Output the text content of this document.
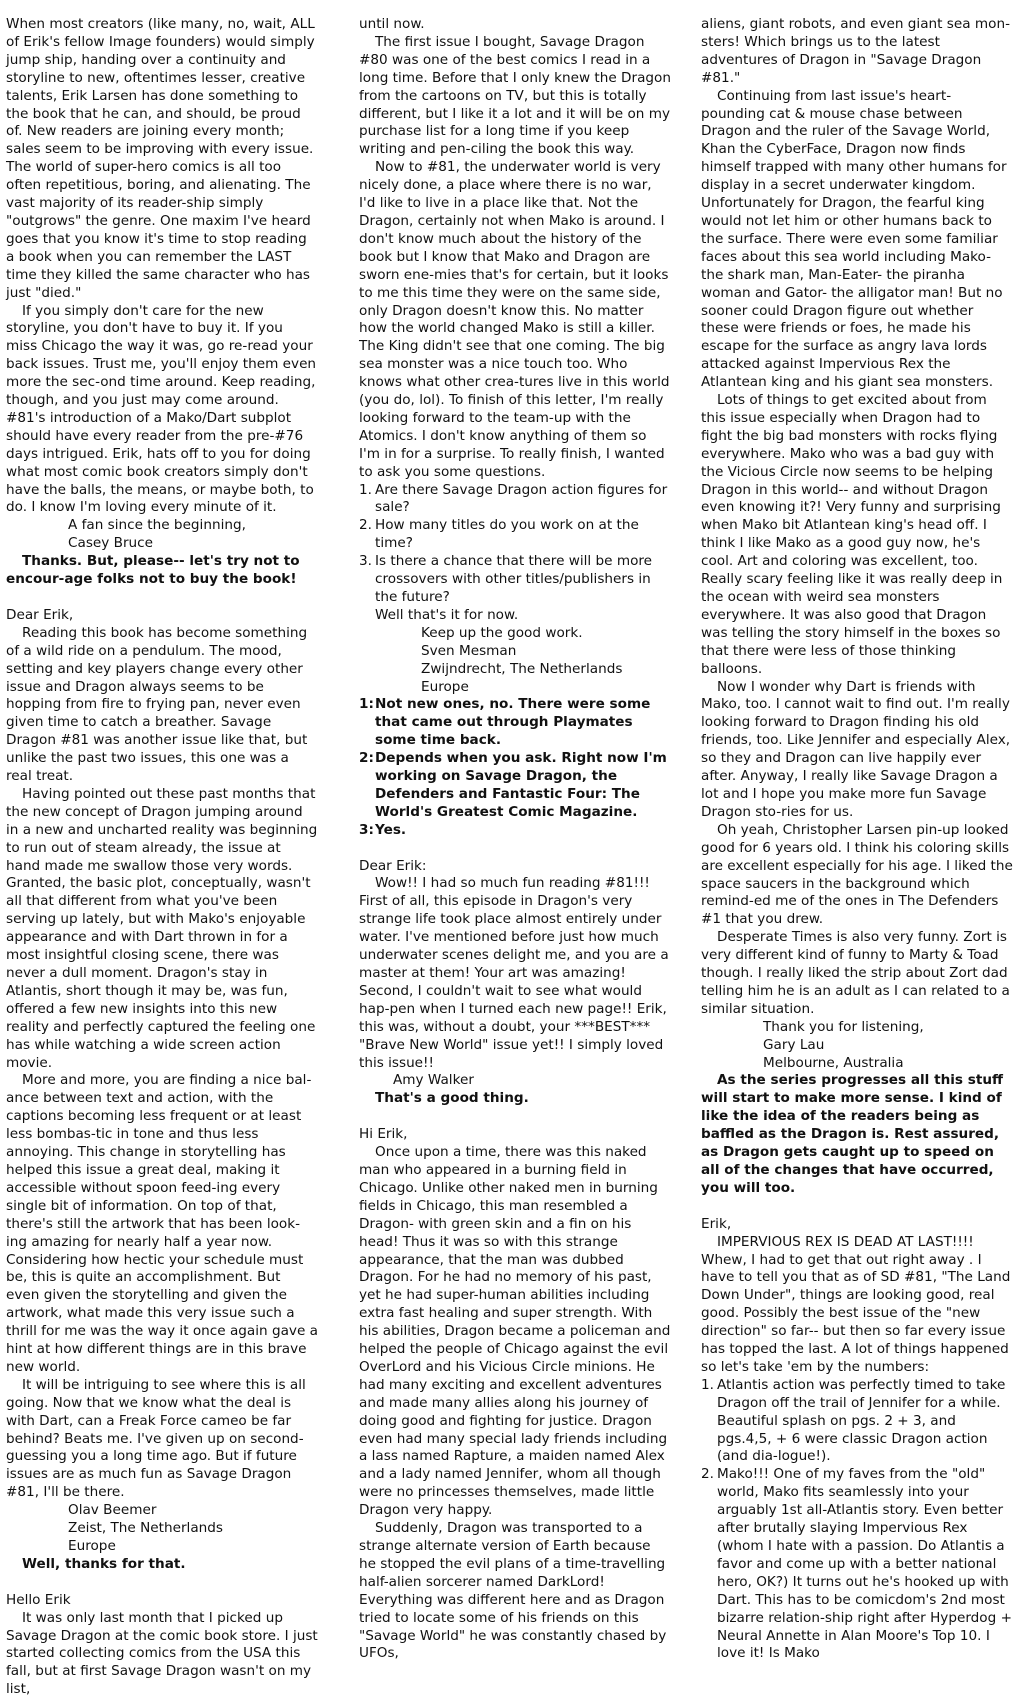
When most creators (like many, no, wait, ALL of Erik's fellow Image founders) would simply jump ship, handing over a continuity and storyline to new, oftentimes lesser, creative talents, Erik Larsen has done something to the book that he can, and should, be proud of. New readers are joining every month; sales seem to be improving with every issue. The world of super-hero comics is all too often repetitious, boring, and alienating. The vast majority of its reader-ship simply "outgrows" the genre. One maxim I've heard goes that you know it's time to stop reading a book when you can remember the LAST time they killed the same character who has just "died."

If you simply don't care for the new storyline, you don't have to buy it. If you miss Chicago the way it was, go re-read your back issues. Trust me, you'll enjoy them even more the sec-ond time around. Keep reading, though, and you just may come around. #81's introduction of a Mako/Dart subplot should have every reader from the pre-#76 days intrigued. Erik, hats off to you for doing what most comic book creators simply don't have the balls, the means, or maybe both, to do. I know I'm loving every minute of it.

A fan since the beginning,

Casey Bruce

Thanks. But, please-- let's try not to encour-age folks not to buy the book!

Dear Erik,

Reading this book has become something of a wild ride on a pendulum. The mood, setting and key players change every other issue and Dragon always seems to be hopping from fire to frying pan, never even given time to catch a breather. Savage Dragon #81 was another issue like that, but unlike the past two issues, this one was a real treat.

Having pointed out these past months that the new concept of Dragon jumping around in a new and uncharted reality was beginning to run out of steam already, the issue at hand made me swallow those very words. Granted, the basic plot, conceptually, wasn't all that different from what you've been serving up lately, but with Mako's enjoyable appearance and with Dart thrown in for a most insightful closing scene, there was never a dull moment. Dragon's stay in Atlantis, short though it may be, was fun, offered a few new insights into this new reality and perfectly captured the feeling one has while watching a wide screen action movie.

More and more, you are finding a nice bal-ance between text and action, with the captions becoming less frequent or at least less bombas-tic in tone and thus less annoying. This change in storytelling has helped this issue a great deal, making it accessible without spoon feed-ing every single bit of information. On top of that, there's still the artwork that has been look-ing amazing for nearly half a year now. Considering how hectic your schedule must be, this is quite an accomplishment. But even given the storytelling and given the artwork, what made this very issue such a thrill for me was the way it once again gave a hint at how different things are in this brave new world.

It will be intriguing to see where this is all going. Now that we know what the deal is with Dart, can a Freak Force cameo be far behind? Beats me. I've given up on second-guessing you a long time ago. But if future issues are as much fun as Savage Dragon #81, I'll be there.

Olav Beemer

Zeist, The Netherlands

Europe

Well, thanks for that.

Hello Erik

It was only last month that I picked up Savage Dragon at the comic book store. I just started collecting comics from the USA this fall, but at first Savage Dragon wasn't on my list,

until now.

The first issue I bought, Savage Dragon #80 was one of the best comics I read in a long time. Before that I only knew the Dragon from the cartoons on TV, but this is totally different, but I like it a lot and it will be on my purchase list for a long time if you keep writing and pen-ciling the book this way.

Now to #81, the underwater world is very nicely done, a place where there is no war, I'd like to live in a place like that. Not the Dragon, certainly not when Mako is around. I don't know much about the history of the book but I know that Mako and Dragon are sworn ene-mies that's for certain, but it looks to me this time they were on the same side, only Dragon doesn't know this. No matter how the world changed Mako is still a killer. The King didn't see that one coming. The big sea monster was a nice touch too. Who knows what other crea-tures live in this world (you do, lol). To finish of this letter, I'm really looking forward to the team-up with the Atomics. I don't know anything of them so I'm in for a surprise. To really finish, I wanted to ask you some questions.

1. Are there Savage Dragon action figures for sale?
2. How many titles do you work on at the time?
3. Is there a chance that there will be more crossovers with other titles/publishers in the future?

Well that's it for now.

Keep up the good work.

Sven Mesman

Zwijndrecht, The Netherlands

Europe

1:Not new ones, no. There were some that came out through Playmates some time back.
2:Depends when you ask. Right now I'm working on Savage Dragon, the Defenders and Fantastic Four: The World's Greatest Comic Magazine.
3:Yes.

Dear Erik:

Wow!! I had so much fun reading #81!!! First of all, this episode in Dragon's very strange life took place almost entirely under water. I've mentioned before just how much underwater scenes delight me, and you are a master at them! Your art was amazing! Second, I couldn't wait to see what would hap-pen when I turned each new page!! Erik, this was, without a doubt, your ***BEST*** "Brave New World" issue yet!! I simply loved this issue!!

Amy Walker

That's a good thing.

Hi Erik,

Once upon a time, there was this naked man who appeared in a burning field in Chicago. Unlike other naked men in burning fields in Chicago, this man resembled a Dragon- with green skin and a fin on his head! Thus it was so with this strange appearance, that the man was dubbed Dragon. For he had no memory of his past, yet he had super-human abilities including extra fast healing and super strength. With his abilities, Dragon became a policeman and helped the people of Chicago against the evil OverLord and his Vicious Circle minions. He had many exciting and excellent adventures and made many allies along his journey of doing good and fighting for justice. Dragon even had many special lady friends including a lass named Rapture, a maiden named Alex and a lady named Jennifer, whom all though were no princesses themselves, made little Dragon very happy.

Suddenly, Dragon was transported to a strange alternate version of Earth because he stopped the evil plans of a time-travelling half-alien sorcerer named DarkLord! Everything was different here and as Dragon tried to locate some of his friends on this "Savage World" he was constantly chased by UFOs,

aliens, giant robots, and even giant sea mon-sters! Which brings us to the latest adventures of Dragon in "Savage Dragon #81."

Continuing from last issue's heart-pounding cat & mouse chase between Dragon and the ruler of the Savage World, Khan the CyberFace, Dragon now finds himself trapped with many other humans for display in a secret underwater kingdom. Unfortunately for Dragon, the fearful king would not let him or other humans back to the surface. There were even some familiar faces about this sea world including Mako- the shark man, Man-Eater- the piranha woman and Gator- the alligator man! But no sooner could Dragon figure out whether these were friends or foes, he made his escape for the surface as angry lava lords attacked against Impervious Rex the Atlantean king and his giant sea monsters.

Lots of things to get excited about from this issue especially when Dragon had to fight the big bad monsters with rocks flying everywhere. Mako who was a bad guy with the Vicious Circle now seems to be helping Dragon in this world-- and without Dragon even knowing it?! Very funny and surprising when Mako bit Atlantean king's head off. I think I like Mako as a good guy now, he's cool. Art and coloring was excellent, too. Really scary feeling like it was really deep in the ocean with weird sea monsters everywhere. It was also good that Dragon was telling the story himself in the boxes so that there were less of those thinking balloons.

Now I wonder why Dart is friends with Mako, too. I cannot wait to find out. I'm really looking forward to Dragon finding his old friends, too. Like Jennifer and especially Alex, so they and Dragon can live happily ever after. Anyway, I really like Savage Dragon a lot and I hope you make more fun Savage Dragon sto-ries for us.

Oh yeah, Christopher Larsen pin-up looked good for 6 years old. I think his coloring skills are excellent especially for his age. I liked the space saucers in the background which remind-ed me of the ones in The Defenders #1 that you drew.

Desperate Times is also very funny. Zort is very different kind of funny to Marty & Toad though. I really liked the strip about Zort dad telling him he is an adult as I can related to a similar situation.

Thank you for listening,

Gary Lau

Melbourne, Australia

As the series progresses all this stuff will start to make more sense. I kind of like the idea of the readers being as baffled as the Dragon is. Rest assured, as Dragon gets caught up to speed on all of the changes that have occurred, you will too.

Erik,

IMPERVIOUS REX IS DEAD AT LAST!!!! Whew, I had to get that out right away . I have to tell you that as of SD #81, "The Land Down Under", things are looking good, real good. Possibly the best issue of the "new direction" so far-- but then so far every issue has topped the last. A lot of things happened so let's take 'em by the numbers:

1. Atlantis action was perfectly timed to take Dragon off the trail of Jennifer for a while. Beautiful splash on pgs. 2 + 3, and pgs.4,5, + 6 were classic Dragon action (and dia-logue!).
2. Mako!!! One of my faves from the "old" world, Mako fits seamlessly into your arguably 1st all-Atlantis story. Even better after brutally slaying Impervious Rex (whom I hate with a passion. Do Atlantis a favor and come up with a better national hero, OK?) It turns out he's hooked up with Dart. This has to be comicdom's 2nd most bizarre relation-ship right after Hyperdog + Neural Annette in Alan Moore's Top 10. I love it! Is Mako
